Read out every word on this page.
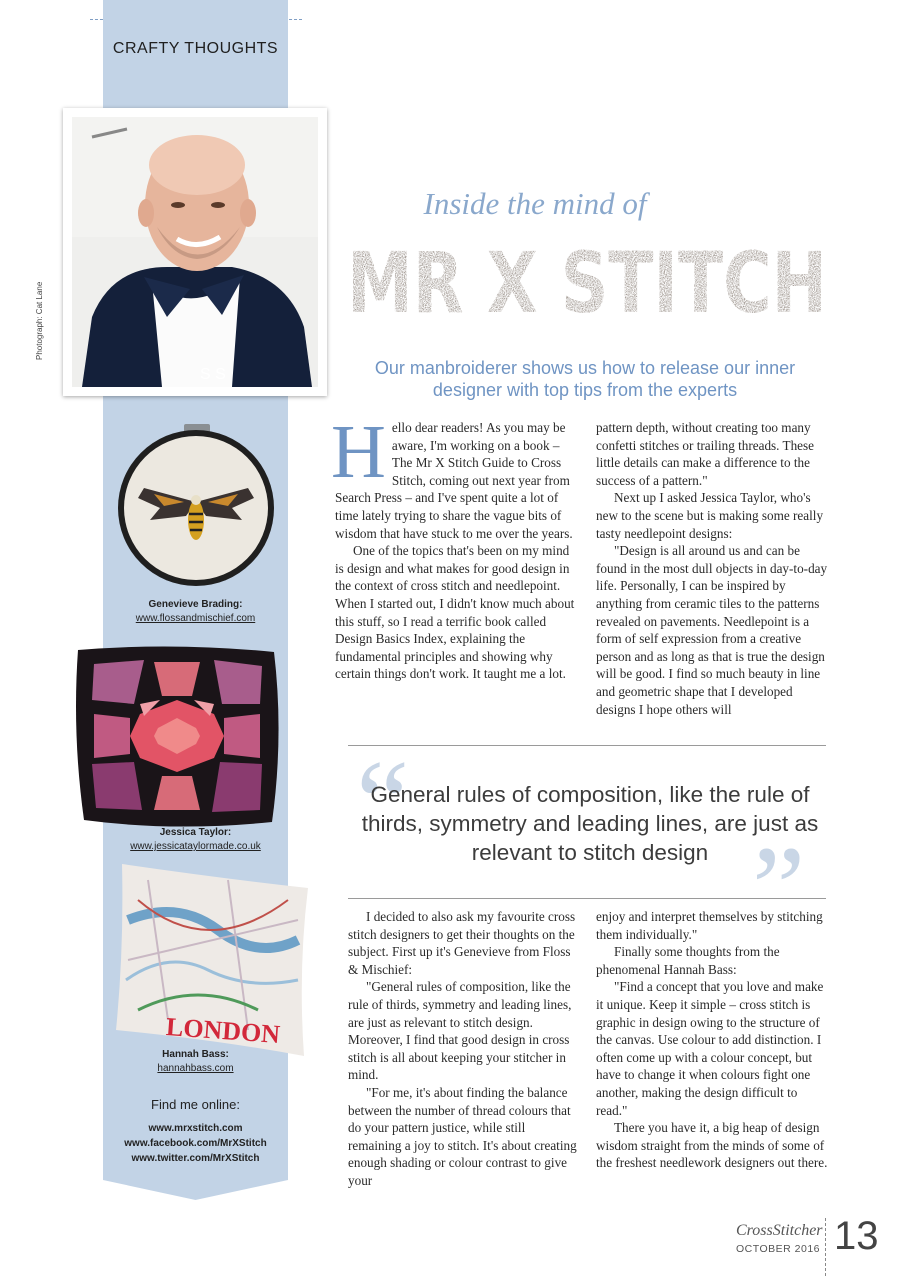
CRAFTY THOUGHTS
S S
Photograph: Cat Lane
Genevieve Brading:
www.flossandmischief.com
Jessica Taylor:
www.jessicataylormade.co.uk
LONDON
Hannah Bass:
hannahbass.com
Find me online:
www.mrxstitch.com
www.facebook.com/MrXStitch
www.twitter.com/MrXStitch
Inside the mind of
MR X STITCH
Our manbroiderer shows us how to release our inner designer with top tips from the experts

Hello dear readers! As you may be aware, I'm working on a book – The Mr X Stitch Guide to Cross Stitch, coming out next year from Search Press – and I've spent quite a lot of time lately trying to share the vague bits of wisdom that have stuck to me over the years.

One of the topics that's been on my mind is design and what makes for good design in the context of cross stitch and needlepoint. When I started out, I didn't know much about this stuff, so I read a terrific book called Design Basics Index, explaining the fundamental principles and showing why certain things don't work. It taught me a lot.

pattern depth, without creating too many confetti stitches or trailing threads. These little details can make a difference to the success of a pattern."

Next up I asked Jessica Taylor, who's new to the scene but is making some really tasty needlepoint designs:

"Design is all around us and can be found in the most dull objects in day-to-day life. Personally, I can be inspired by anything from ceramic tiles to the patterns revealed on pavements. Needlepoint is a form of self expression from a creative person and as long as that is true the design will be good. I find so much beauty in line and geometric shape that I developed designs I hope others will

“
General rules of composition, like the rule of thirds, symmetry and leading lines, are just as relevant to stitch design ”

I decided to also ask my favourite cross stitch designers to get their thoughts on the subject. First up it's Genevieve from Floss & Mischief:

"General rules of composition, like the rule of thirds, symmetry and leading lines, are just as relevant to stitch design. Moreover, I find that good design in cross stitch is all about keeping your stitcher in mind.

"For me, it's about finding the balance between the number of thread colours that do your pattern justice, while still remaining a joy to stitch. It's about creating enough shading or colour contrast to give your

enjoy and interpret themselves by stitching them individually."

Finally some thoughts from the phenomenal Hannah Bass:

"Find a concept that you love and make it unique. Keep it simple – cross stitch is graphic in design owing to the structure of the canvas. Use colour to add distinction. I often come up with a colour concept, but have to change it when colours fight one another, making the design difficult to read."

There you have it, a big heap of design wisdom straight from the minds of some of the freshest needlework designers out there.

CrossStitcher
OCTOBER 2016 13
